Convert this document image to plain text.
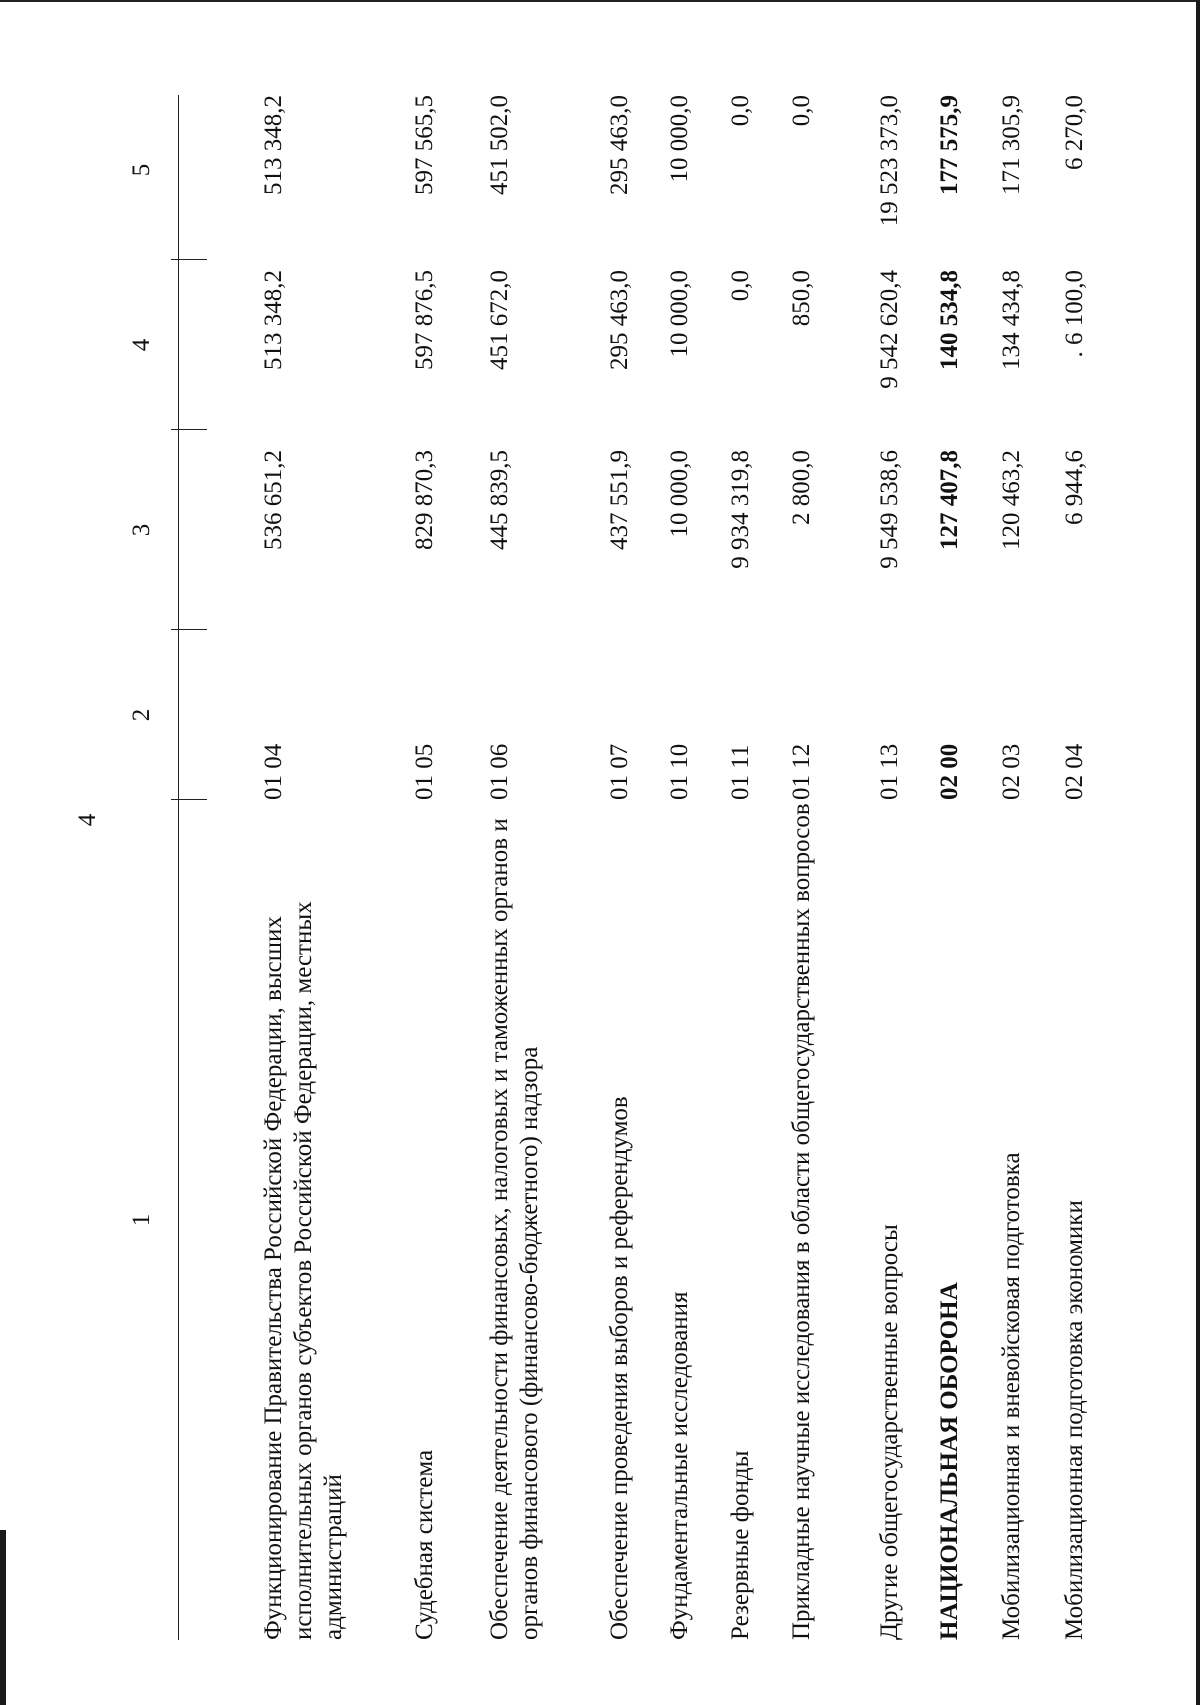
4
1
2
3
4
5
Функционирование Правительства Российской Федерации, высших исполнительных органов субъектов Российской Федерации, местных администраций
01 04
536 651,2
513 348,2
513 348,2
Судебная система
01 05
829 870,3
597 876,5
597 565,5
Обеспечение деятельности финансовых, налоговых и таможенных органов и органов финансового (финансово-бюджетного) надзора
01 06
445 839,5
451 672,0
451 502,0
Обеспечение проведения выборов и референдумов
01 07
437 551,9
295 463,0
295 463,0
Фундаментальные исследования
01 10
10 000,0
10 000,0
10 000,0
Резервные фонды
01 11
9 934 319,8
0,0
0,0
Прикладные научные исследования в области общегосударственных вопросов
01 12
2 800,0
850,0
0,0
Другие общегосударственные вопросы
01 13
9 549 538,6
9 542 620,4
19 523 373,0
НАЦИОНАЛЬНАЯ ОБОРОНА
02 00
127 407,8
140 534,8
177 575,9
Мобилизационная и вневойсковая подготовка
02 03
120 463,2
134 434,8
171 305,9
Мобилизационная подготовка экономики
02 04
6 944,6
. 6 100,0
6 270,0
